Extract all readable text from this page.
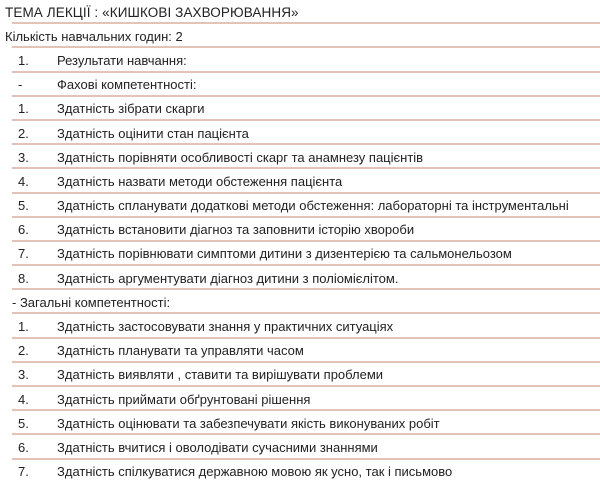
ТЕМА ЛЕКЦІЇ : «КИШКОВІ ЗАХВОРЮВАННЯ»
Кількість навчальних годин: 2
1. Результати навчання:
-	Фахові компетентності:
1. Здатність зібрати скарги
2. Здатність оцінити стан пацієнта
3. Здатність порівняти особливості скарг та анамнезу пацієнтів
4. Здатність назвати методи обстеження пацієнта
5. Здатність спланувати додаткові методи обстеження: лабораторні та інструментальні
6. Здатність встановити діагноз та заповнити історію хвороби
7. Здатність порівнювати симптоми дитини з дизентерією та сальмонельозом
8. Здатність аргументувати діагноз дитини з поліомієлітом.
- Загальні компетентності:
1. Здатність застосовувати знання у практичних ситуаціях
2. Здатність планувати та управляти часом
3. Здатність виявляти , ставити та вирішувати проблеми
4. Здатність приймати обґрунтовані рішення
5. Здатність оцінювати та забезпечувати якість виконуваних робіт
6. Здатність вчитися і оволодівати сучасними знаннями
7. Здатність спілкуватися державною мовою як усно, так і письмово
